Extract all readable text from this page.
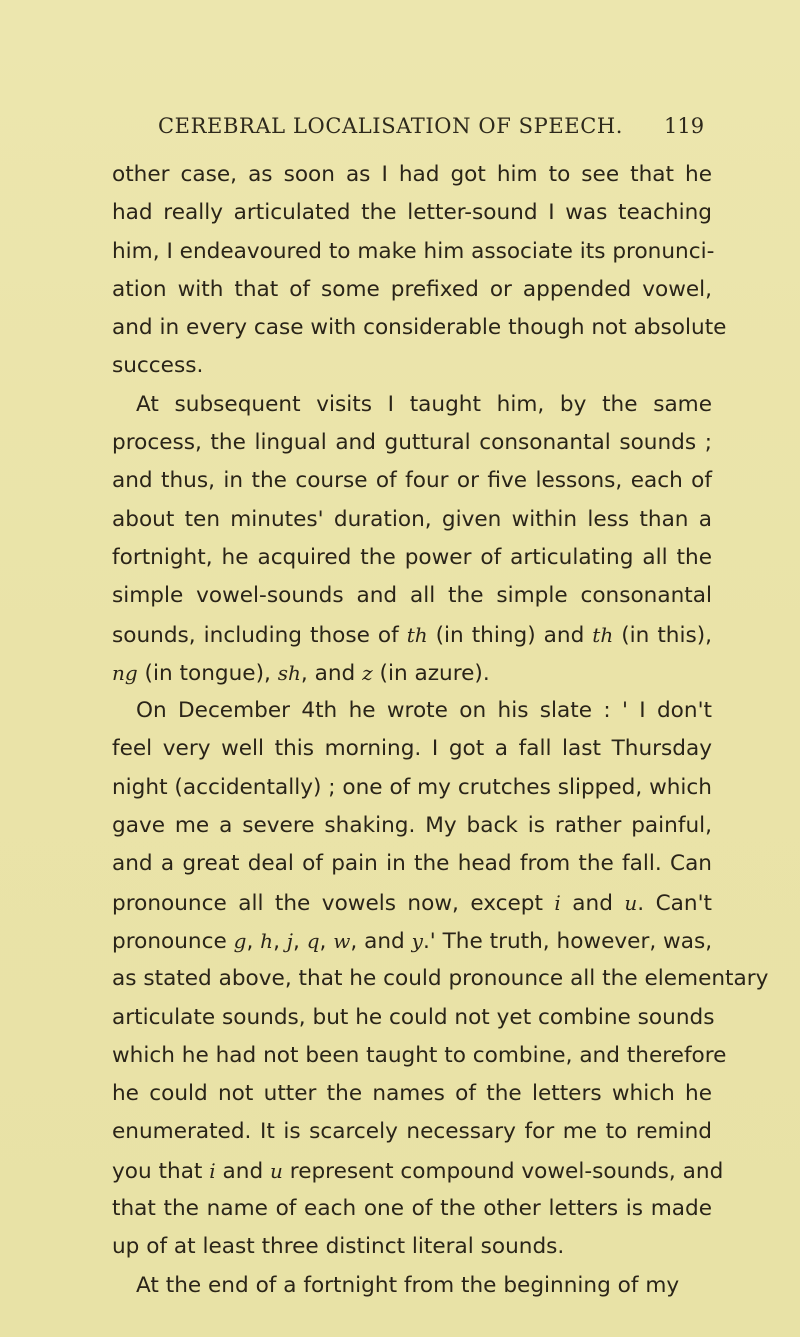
CEREBRAL LOCALISATION OF SPEECH. 119
other case, as soon as I had got him to see that he
had really articulated the letter-sound I was teaching
him, I endeavoured to make him associate its pronunci-
ation with that of some prefixed or appended vowel,
and in every case with considerable though not absolute
success.
At subsequent visits I taught him, by the same
process, the lingual and guttural consonantal sounds ;
and thus, in the course of four or five lessons, each of
about ten minutes' duration, given within less than a
fortnight, he acquired the power of articulating all the
simple vowel-sounds and all the simple consonantal
sounds, including those of th (in thing) and th (in this),
ng (in tongue), sh, and z (in azure).
On December 4th he wrote on his slate : ' I don't
feel very well this morning. I got a fall last Thursday
night (accidentally) ; one of my crutches slipped, which
gave me a severe shaking. My back is rather painful,
and a great deal of pain in the head from the fall. Can
pronounce all the vowels now, except i and u. Can't
pronounce g, h, j, q, w, and y.' The truth, however, was,
as stated above, that he could pronounce all the elementary
articulate sounds, but he could not yet combine sounds
which he had not been taught to combine, and therefore
he could not utter the names of the letters which he
enumerated. It is scarcely necessary for me to remind
you that i and u represent compound vowel-sounds, and
that the name of each one of the other letters is made
up of at least three distinct literal sounds.
At the end of a fortnight from the beginning of my
